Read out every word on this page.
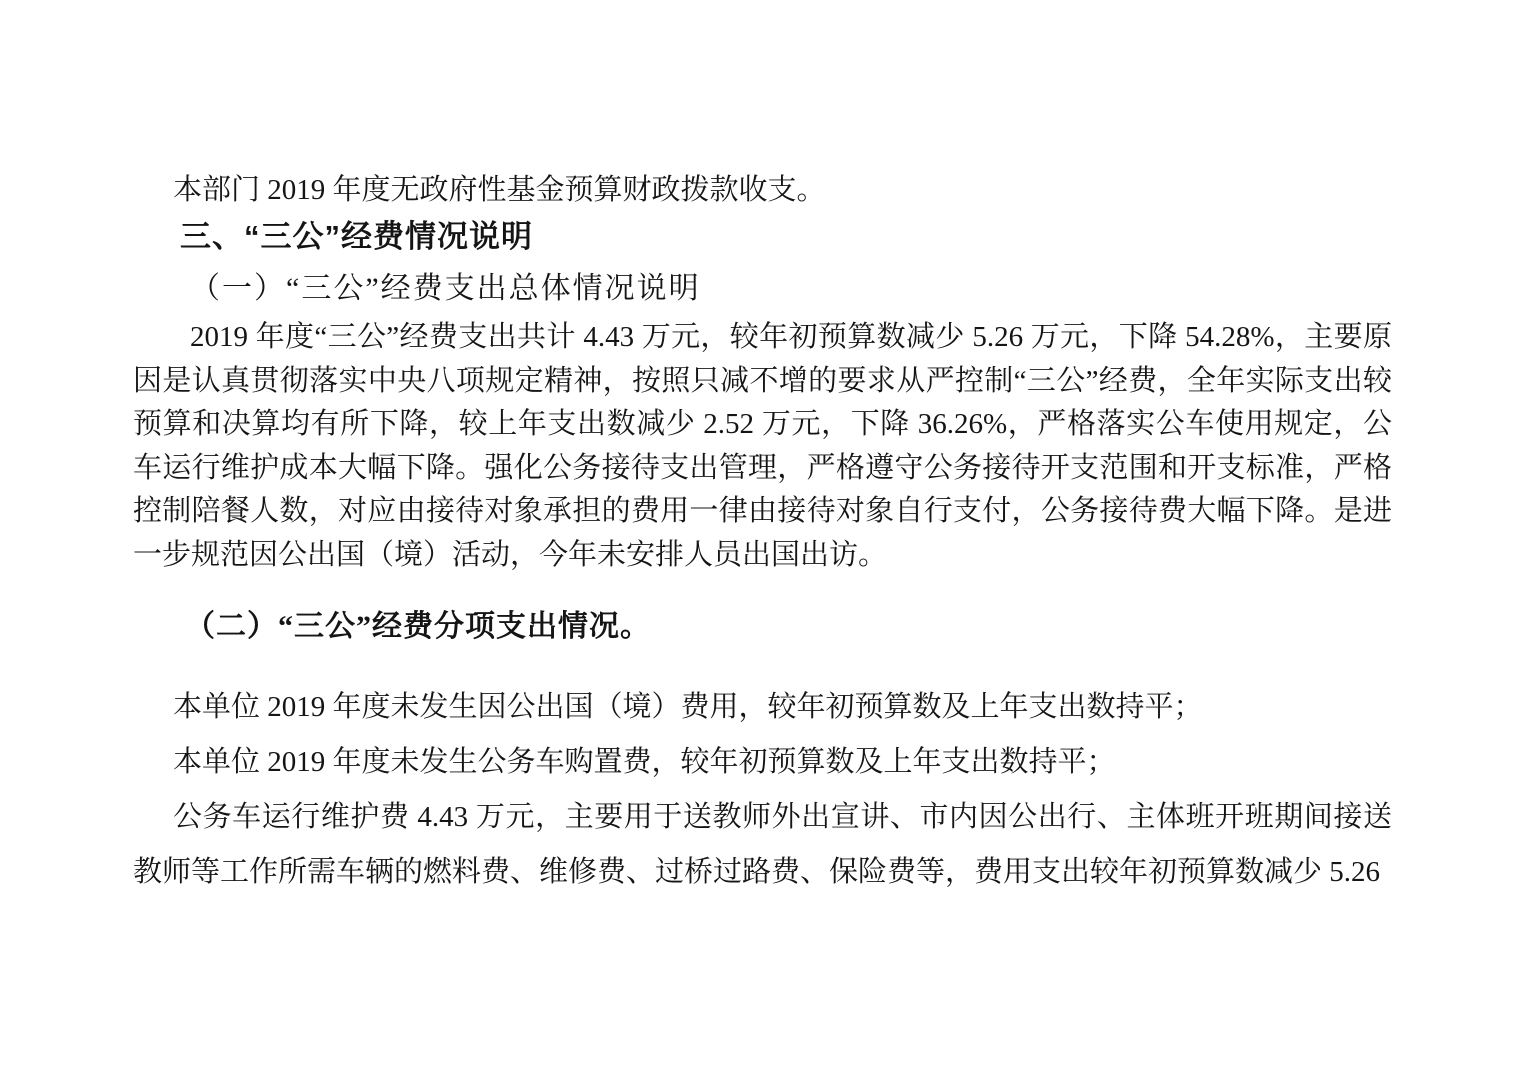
本部门 2019 年度无政府性基金预算财政拨款收支。

三、“三公”经费情况说明

（一）“三公”经费支出总体情况说明

2019 年度“三公”经费支出共计 4.43 万元，较年初预算数减少 5.26 万元，下降 54.28%，主要原因是认真贯彻落实中央八项规定精神，按照只减不增的要求从严控制“三公”经费，全年实际支出较预算和决算均有所下降，较上年支出数减少 2.52 万元，下降 36.26%，严格落实公车使用规定，公车运行维护成本大幅下降。强化公务接待支出管理，严格遵守公务接待开支范围和开支标准，严格控制陪餐人数，对应由接待对象承担的费用一律由接待对象自行支付，公务接待费大幅下降。是进一步规范因公出国（境）活动，今年未安排人员出国出访。

（二）“三公”经费分项支出情况。

本单位 2019 年度未发生因公出国（境）费用，较年初预算数及上年支出数持平；

本单位 2019 年度未发生公务车购置费，较年初预算数及上年支出数持平；

公务车运行维护费 4.43 万元，主要用于送教师外出宣讲、市内因公出行、主体班开班期间接送教师等工作所需车辆的燃料费、维修费、过桥过路费、保险费等，费用支出较年初预算数减少 5.26
